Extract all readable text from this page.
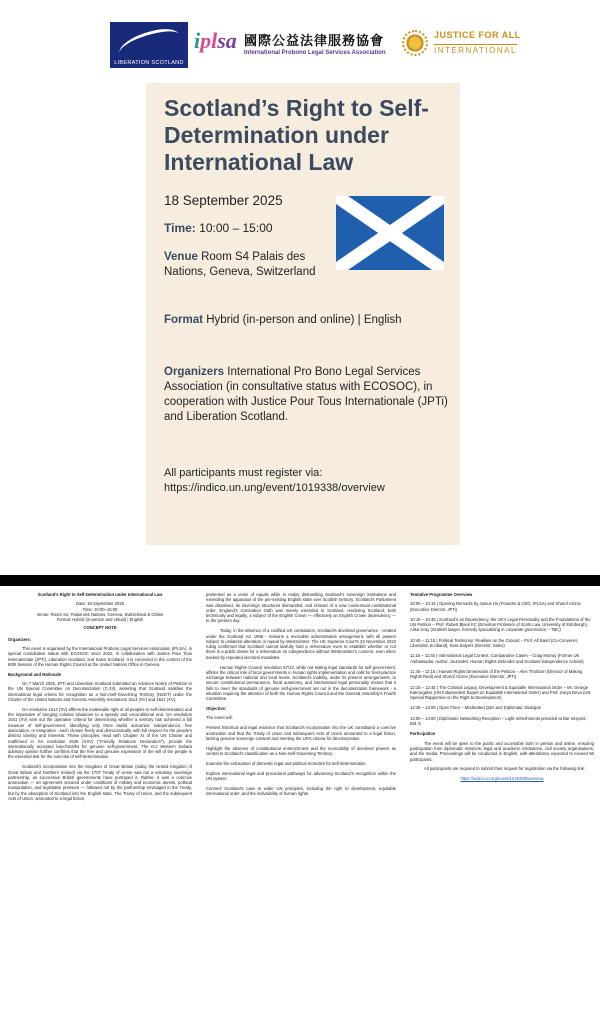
LIBERATION SCOTLAND
iplsa 國際公益法律服務協會
International Probono Legal Services Association
JUSTICE FOR ALL
INTERNATIONAL
Scotland’s Right to Self-Determination under International Law
18 September 2025
Time: 10:00 – 15:00
Venue Room S4 Palais des Nations, Geneva, Switzerland
Format Hybrid (in-person and online) | English
Organizers International Pro Bono Legal Services Association (in consultative status with ECOSOC), in cooperation with Justice Pour Tous Internationale (JPTi) and Liberation Scotland.
All participants must register via: https://indico.un.ung/event/1019338/overview
Scotland’s Right to Self-Determination under International Law
Date: 18 September 2025
Time: 10:00–15:00
Venue: Room S4, Palais des Nations, Geneva, Switzerland & Online
Format: Hybrid (in-person and virtual) | English
CONCEPT NOTE
Organizers:
This event is organised by the International Probono Legal Services Association (IPLSA), in special consultative status with ECOSOC since 2022, in collaboration with Justice Pour Tous Internationale (JPTi), Liberation Scotland, and Salvo Scotland. It is convened in the context of the 60th Session of the Human Rights Council at the United Nations Office in Geneva.
Background and Rationale
On 7 March 2025, JPTi and Liberation Scotland submitted an Advance Notice of Petition to the UN Special Committee on Decolonization (C-24), asserting that Scotland satisfies the international legal criteria for recognition as a Non-Self-Governing Territory (NSGT) under the Charter of the United Nations and General Assembly resolutions 1514 (XV) and 1541 (XV).
GA resolution 1514 (XV) affirms the inalienable right of all peoples to self-determination and the imperative of bringing colonial situations to a speedy and unconditional end. GA resolution 1541 (XV) sets out the operative criteria for determining whether a territory has achieved a full measure of self-government, identifying only three lawful outcomes: independence, free association, or integration - each chosen freely and democratically, with full respect for the people’s distinct identity and interests. These principles, read with Chapter XI of the UN Charter and reaffirmed in GA resolution 2625 (XXV) (“Friendly Relations Declaration”), provide the internationally accepted benchmarks for genuine self-government. The ICJ Western Sahara advisory opinion further confirms that the free and genuine expression of the will of the people is the essential test for the exercise of self-determination.
Scotland’s incorporation into the Kingdom of Great Britain (today the United Kingdom of Great Britain and Northern Ireland) via the 1707 Treaty of Union was not a voluntary sovereign partnership, as successive British governments have portrayed it. Rather, it was a coercive annexation — an agreement secured under conditions of military and economic duress, political manipulation, and legislative pressure — followed not by the partnership envisaged in the Treaty, but by the absorption of Scotland into the English state. The Treaty of Union, and the subsequent Acts of Union, amounted to a legal fiction,
presented as a union of equals while in reality dismantling Scotland’s sovereign institutions and extending the apparatus of the pre-existing English state over Scottish territory. Scotland’s Parliament was dissolved, its sovereign structures dismantled, and instead of a new consensual constitutional order, England’s Coronation Oath was merely extended to Scotland, rendering Scotland, both technically and legally, a subject of the English Crown — effectively an English Crown dependency — to the present day.
Today, in the absence of a codified UK constitution, Scotland’s devolved governance - created under the Scotland Act 1998 - remains a revocable administrative arrangement, with all powers subject to unilateral alteration or repeal by Westminster. The UK Supreme Court’s 23 November 2022 ruling confirmed that Scotland cannot lawfully hold a referendum even to establish whether or not there is a public desire for a referendum on independence without Westminster’s consent, even when backed by repeated electoral mandates.
Human Rights Council resolution 57/12, while not setting legal standards for self-government, affirms the critical role of local governments in human rights implementation and calls for best-practice exchange between national and local levels. Scotland’s inability, under its present arrangements, to secure constitutional permanence, fiscal autonomy, and international legal personality means that it fails to meet the standards of genuine self-government set out in the decolonization framework - a situation requiring the attention of both the Human Rights Council and the General Assembly’s Fourth Committee.
Objective:
The event will:
Present historical and legal evidence that Scotland’s incorporation into the UK constituted a coercive annexation and that the Treaty of Union and subsequent Acts of Union amounted to a legal fiction, lacking genuine sovereign consent and meeting the UN’s criteria for decolonization.
Highlight the absence of constitutional entrenchment and the revocability of devolved powers as central to Scotland’s classification as a Non-Self-Governing Territory.
Examine the exhaustion of domestic legal and political remedies for self-determination.
Explore international legal and procedural pathways for advancing Scotland’s recognition within the UN system.
Connect Scotland’s case to wider UN principles, including the right to development, equitable international order, and the indivisibility of human rights.
Tentative Programme Overview
10:00 – 10:15 | Opening Remarks by Junius Ho (Founder & CEO, IPLSA) and Sharof Azizov (Executive Director, JPTi)
10:15 – 10:45 | Scotland’s as Dependency, the UK’s Legal Personality and the Foundations of the UN Petition – Prof. Robert Black KC (Emeritus Professor of Scots Law, University of Edinburgh), Ailsa Gray (Scottish lawyer, formerly specializing in corporate governance – TBC)
10:45 – 11:15 | Political Testimony: Realities on the Ground – Prof. Alf Baird (Co-Convener, Liberation Scotland), Sara Salyers (Director, Salvo)
11:15 – 11:45 | International Legal Context, Comparative Cases – Craig Murray (Former UK Ambassador, Author, Journalist, Human Rights Defender and Scotland independence Activist)
11:45 – 12:15 | Human Rights Dimensions of the Petition – Alex Thorburn (Director of Making Rights Real) and Sharof Azizov (Executive Director, JPTi)
12:15 – 12:45 | The Colonial Legacy, Development & Equitable International Order – Mr. George Katrougalos (UN Independent Expert on Equitable International Order) and Prof. Surya Deva (UN Special Rapporteur on the Right to Development)
12:45 – 13:00 | Open Floor – Moderated Q&A and Diplomatic Dialogue
13:00 – 14:00 | Diplomatic Networking Reception – Light refreshments provided at Bar Serpent, Bld. E
Participation
The event will be open to the public and accessible both in person and online, ensuring participation from diplomatic missions, legal and academic institutions, civil society organisations, and the media. Proceedings will be conducted in English, with attendance expected to exceed 50 participants.
All participants are required to submit their request for registration via the following link:
https://indico.un.org/event/1019338/overview
